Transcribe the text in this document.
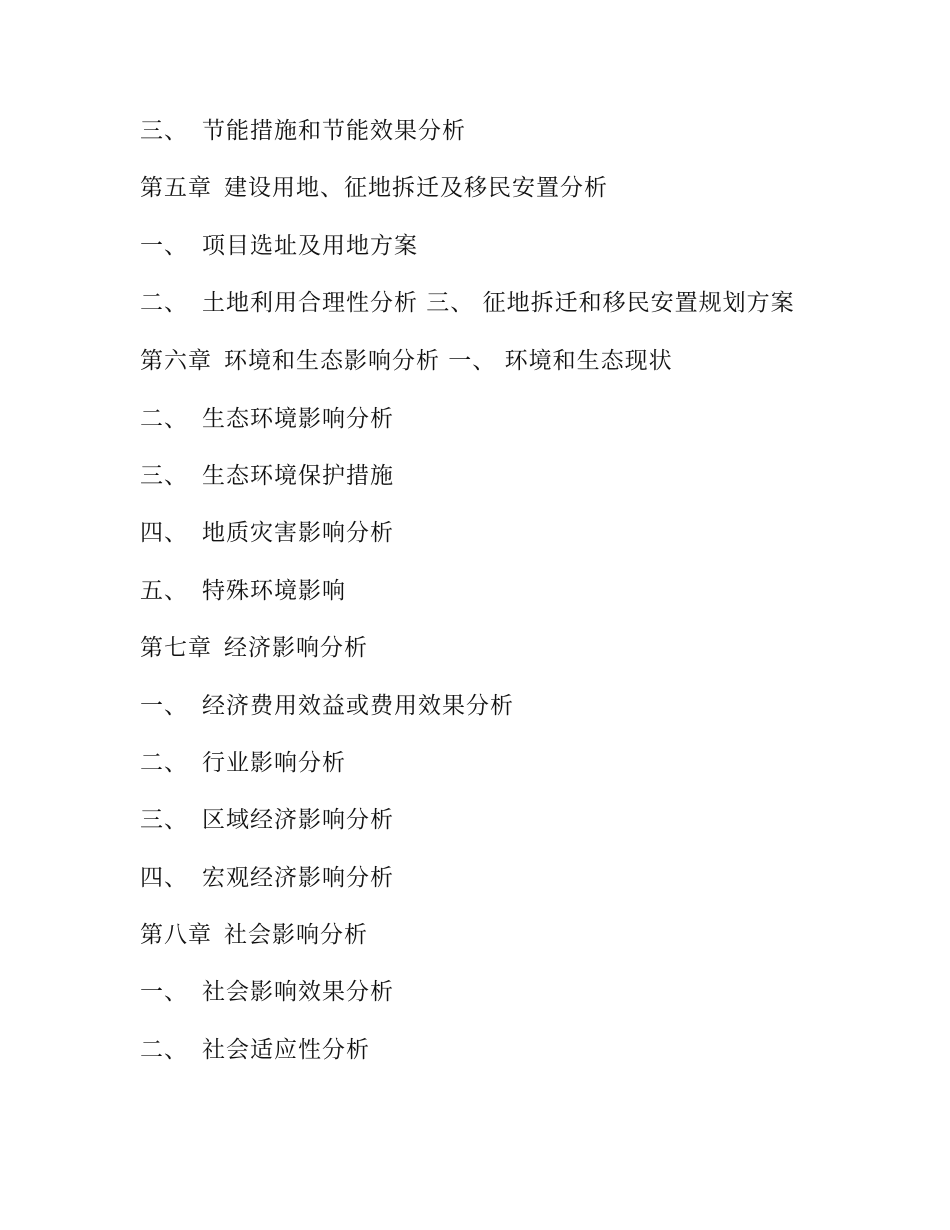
三、 节能措施和节能效果分析
第五章 建设用地、征地拆迁及移民安置分析
一、 项目选址及用地方案
二、 土地利用合理性分析 三、 征地拆迁和移民安置规划方案
第六章 环境和生态影响分析 一、 环境和生态现状
二、 生态环境影响分析
三、 生态环境保护措施
四、 地质灾害影响分析
五、 特殊环境影响
第七章 经济影响分析
一、 经济费用效益或费用效果分析
二、 行业影响分析
三、 区域经济影响分析
四、 宏观经济影响分析
第八章 社会影响分析
一、 社会影响效果分析
二、 社会适应性分析
